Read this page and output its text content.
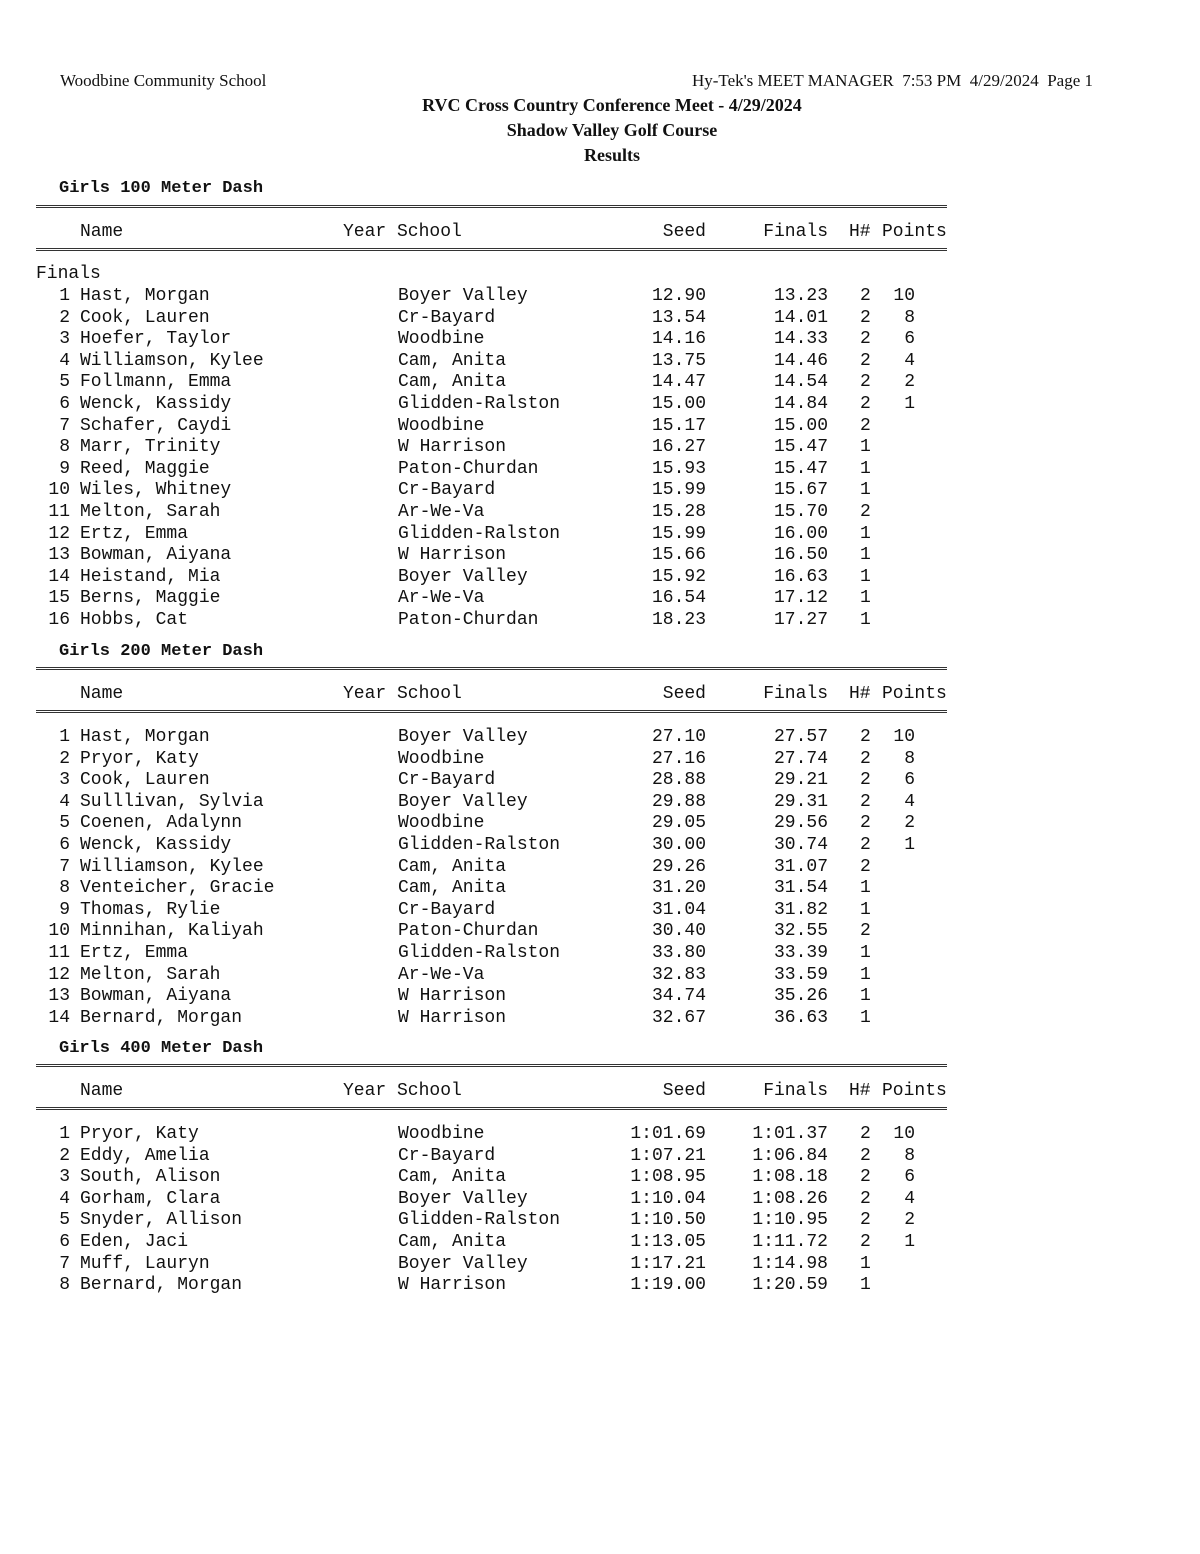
Woodbine Community School	Hy-Tek's MEET MANAGER  7:53 PM  4/29/2024  Page 1
RVC Cross Country Conference Meet - 4/29/2024
Shadow Valley Golf Course
Results
Girls 100 Meter Dash
Name	Year School	Seed	Finals H# Points
Finals
1 Hast, Morgan	Boyer Valley	12.90	13.23 2 10
2 Cook, Lauren	Cr-Bayard	13.54	14.01 2 8
3 Hoefer, Taylor	Woodbine	14.16	14.33 2 6
4 Williamson, Kylee	Cam, Anita	13.75	14.46 2 4
5 Follmann, Emma	Cam, Anita	14.47	14.54 2 2
6 Wenck, Kassidy	Glidden-Ralston	15.00	14.84 2 1
7 Schafer, Caydi	Woodbine	15.17	15.00 2
8 Marr, Trinity	W Harrison	16.27	15.47 1
9 Reed, Maggie	Paton-Churdan	15.93	15.47 1
10 Wiles, Whitney	Cr-Bayard	15.99	15.67 1
11 Melton, Sarah	Ar-We-Va	15.28	15.70 2
12 Ertz, Emma	Glidden-Ralston	15.99	16.00 1
13 Bowman, Aiyana	W Harrison	15.66	16.50 1
14 Heistand, Mia	Boyer Valley	15.92	16.63 1
15 Berns, Maggie	Ar-We-Va	16.54	17.12 1
16 Hobbs, Cat	Paton-Churdan	18.23	17.27 1
Girls 200 Meter Dash
Name	Year School	Seed	Finals H# Points
1 Hast, Morgan	Boyer Valley	27.10	27.57 2 10
2 Pryor, Katy	Woodbine	27.16	27.74 2 8
3 Cook, Lauren	Cr-Bayard	28.88	29.21 2 6
4 Sulllivan, Sylvia	Boyer Valley	29.88	29.31 2 4
5 Coenen, Adalynn	Woodbine	29.05	29.56 2 2
6 Wenck, Kassidy	Glidden-Ralston	30.00	30.74 2 1
7 Williamson, Kylee	Cam, Anita	29.26	31.07 2
8 Venteicher, Gracie	Cam, Anita	31.20	31.54 1
9 Thomas, Rylie	Cr-Bayard	31.04	31.82 1
10 Minnihan, Kaliyah	Paton-Churdan	30.40	32.55 2
11 Ertz, Emma	Glidden-Ralston	33.80	33.39 1
12 Melton, Sarah	Ar-We-Va	32.83	33.59 1
13 Bowman, Aiyana	W Harrison	34.74	35.26 1
14 Bernard, Morgan	W Harrison	32.67	36.63 1
Girls 400 Meter Dash
Name	Year School	Seed	Finals H# Points
1 Pryor, Katy	Woodbine	1:01.69	1:01.37 2 10
2 Eddy, Amelia	Cr-Bayard	1:07.21	1:06.84 2 8
3 South, Alison	Cam, Anita	1:08.95	1:08.18 2 6
4 Gorham, Clara	Boyer Valley	1:10.04	1:08.26 2 4
5 Snyder, Allison	Glidden-Ralston	1:10.50	1:10.95 2 2
6 Eden, Jaci	Cam, Anita	1:13.05	1:11.72 2 1
7 Muff, Lauryn	Boyer Valley	1:17.21	1:14.98 1
8 Bernard, Morgan	W Harrison	1:19.00	1:20.59 1
